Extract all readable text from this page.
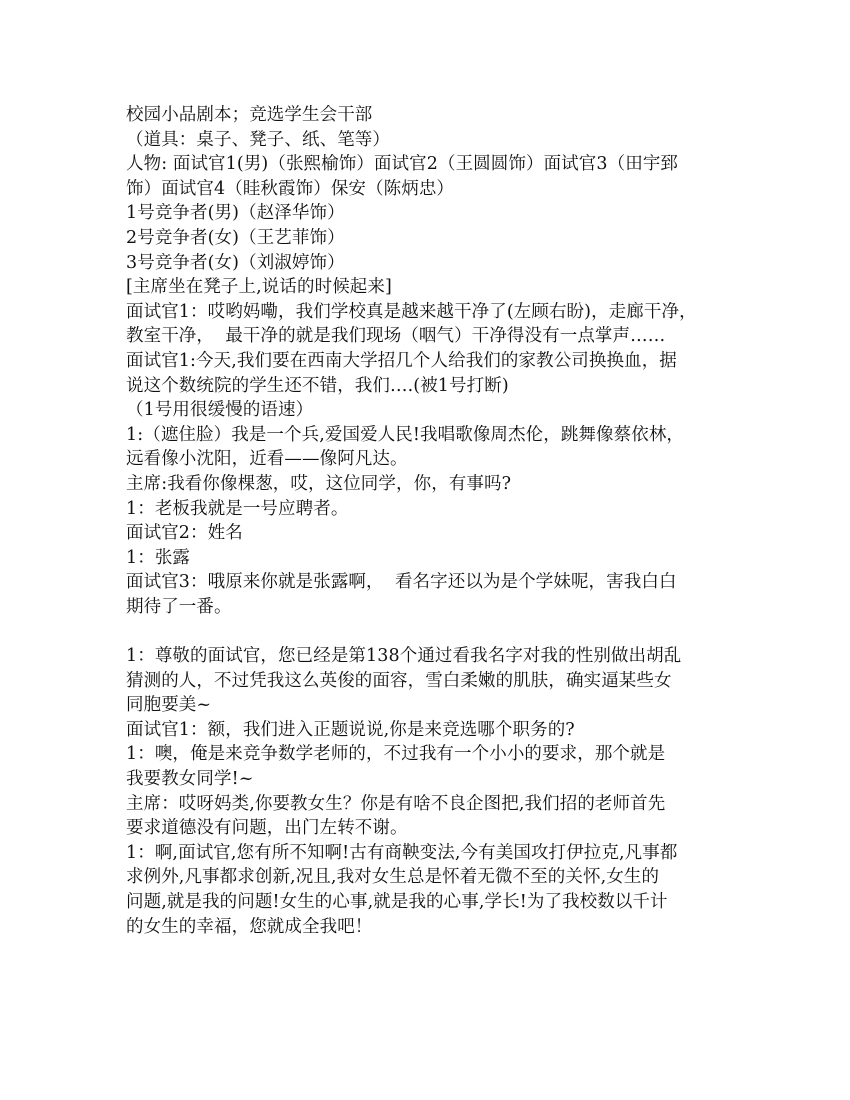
校园小品剧本；竞选学生会干部
（道具：桌子、凳子、纸、笔等）
人物: 面试官1(男)（张熙榆饰）面试官2（王圆圆饰）面试官3（田宇郅
饰）面试官4（眭秋霞饰）保安（陈炳忠）
1号竞争者(男)（赵泽华饰）
2号竞争者(女)（王艺菲饰）
3号竞争者(女)（刘淑婷饰）
[主席坐在凳子上,说话的时候起来]
面试官1：哎哟妈嘞，我们学校真是越来越干净了(左顾右盼)，走廊干净，
教室干净，  最干净的就是我们现场（咽气）干净得没有一点掌声……
面试官1:今天,我们要在西南大学招几个人给我们的家教公司换换血，据
说这个数统院的学生还不错，我们….(被1号打断)
（1号用很缓慢的语速）
1:（遮住脸）我是一个兵,爱国爱人民!我唱歌像周杰伦，跳舞像蔡依林，
远看像小沈阳，近看——像阿凡达。
主席:我看你像棵葱，哎，这位同学，你，有事吗?
1：老板我就是一号应聘者。
面试官2：姓名
1：张露
面试官3：哦原来你就是张露啊，  看名字还以为是个学妹呢，害我白白
期待了一番。
1：尊敬的面试官，您已经是第138个通过看我名字对我的性别做出胡乱
猜测的人，不过凭我这么英俊的面容，雪白柔嫩的肌肤，确实逼某些女
同胞要美~
面试官1：额，我们进入正题说说,你是来竞选哪个职务的?
1：噢，俺是来竞争数学老师的，不过我有一个小小的要求，那个就是
我要教女同学!~
主席：哎呀妈类,你要教女生？你是有啥不良企图把,我们招的老师首先
要求道德没有问题，出门左转不谢。
1：啊,面试官,您有所不知啊!古有商鞅变法,今有美国攻打伊拉克,凡事都
求例外,凡事都求创新,况且,我对女生总是怀着无微不至的关怀,女生的
问题,就是我的问题!女生的心事,就是我的心事,学长!为了我校数以千计
的女生的幸福，您就成全我吧！
